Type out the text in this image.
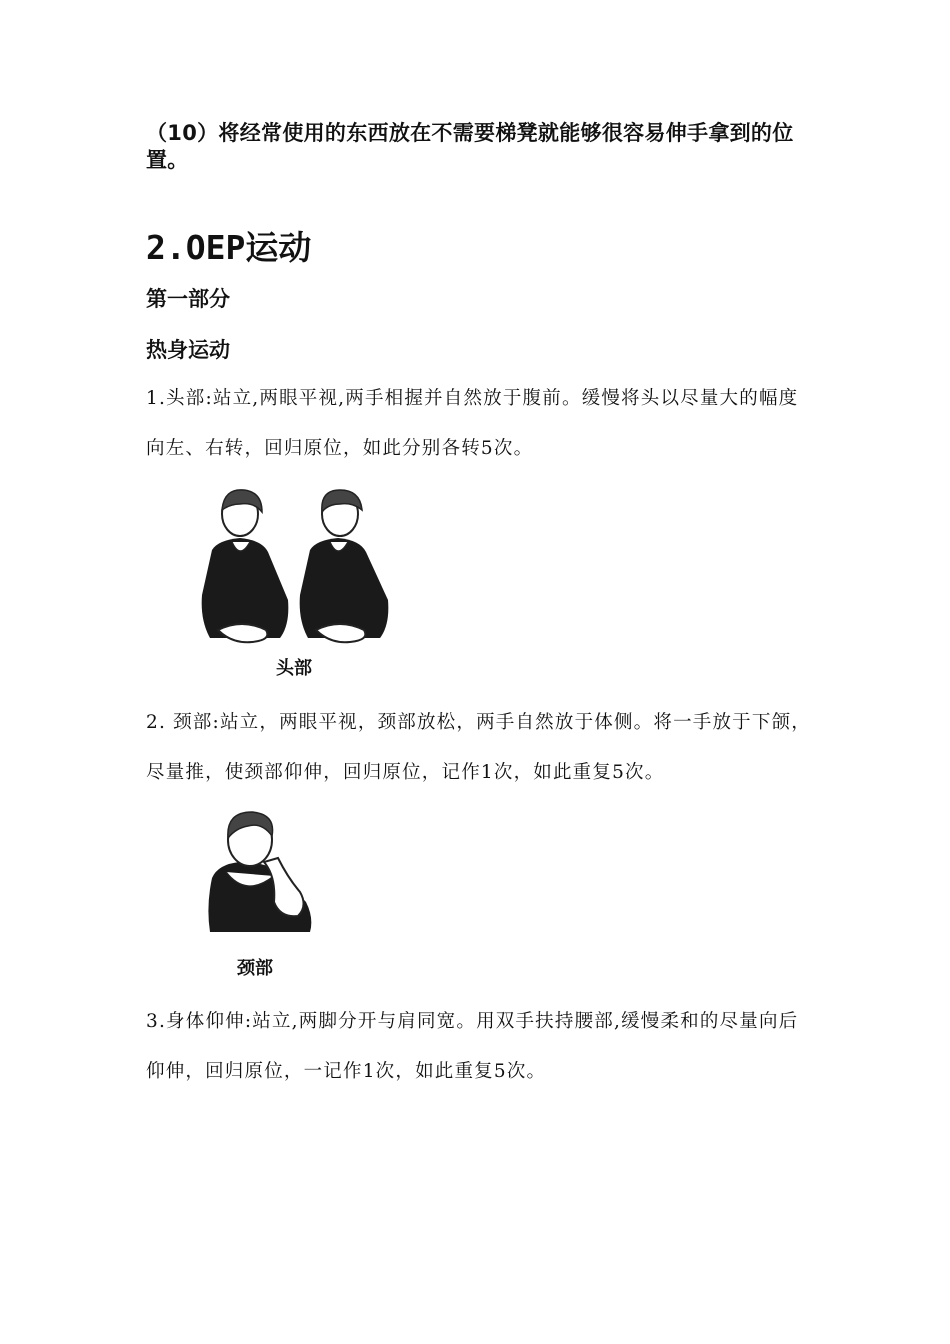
（10）将经常使用的东西放在不需要梯凳就能够很容易伸手拿到的位置。
2.OEP运动
第一部分
热身运动
1.头部:站立,两眼平视,两手相握并自然放于腹前。缓慢将头以尽量大的幅度向左、右转，回归原位，如此分别各转5次。
头部
2. 颈部:站立，两眼平视，颈部放松，两手自然放于体侧。将一手放于下颌，尽量推，使颈部仰伸，回归原位，记作1次，如此重复5次。
颈部
3.身体仰伸:站立,两脚分开与肩同宽。用双手扶持腰部,缓慢柔和的尽量向后仰伸，回归原位，一记作1次，如此重复5次。
